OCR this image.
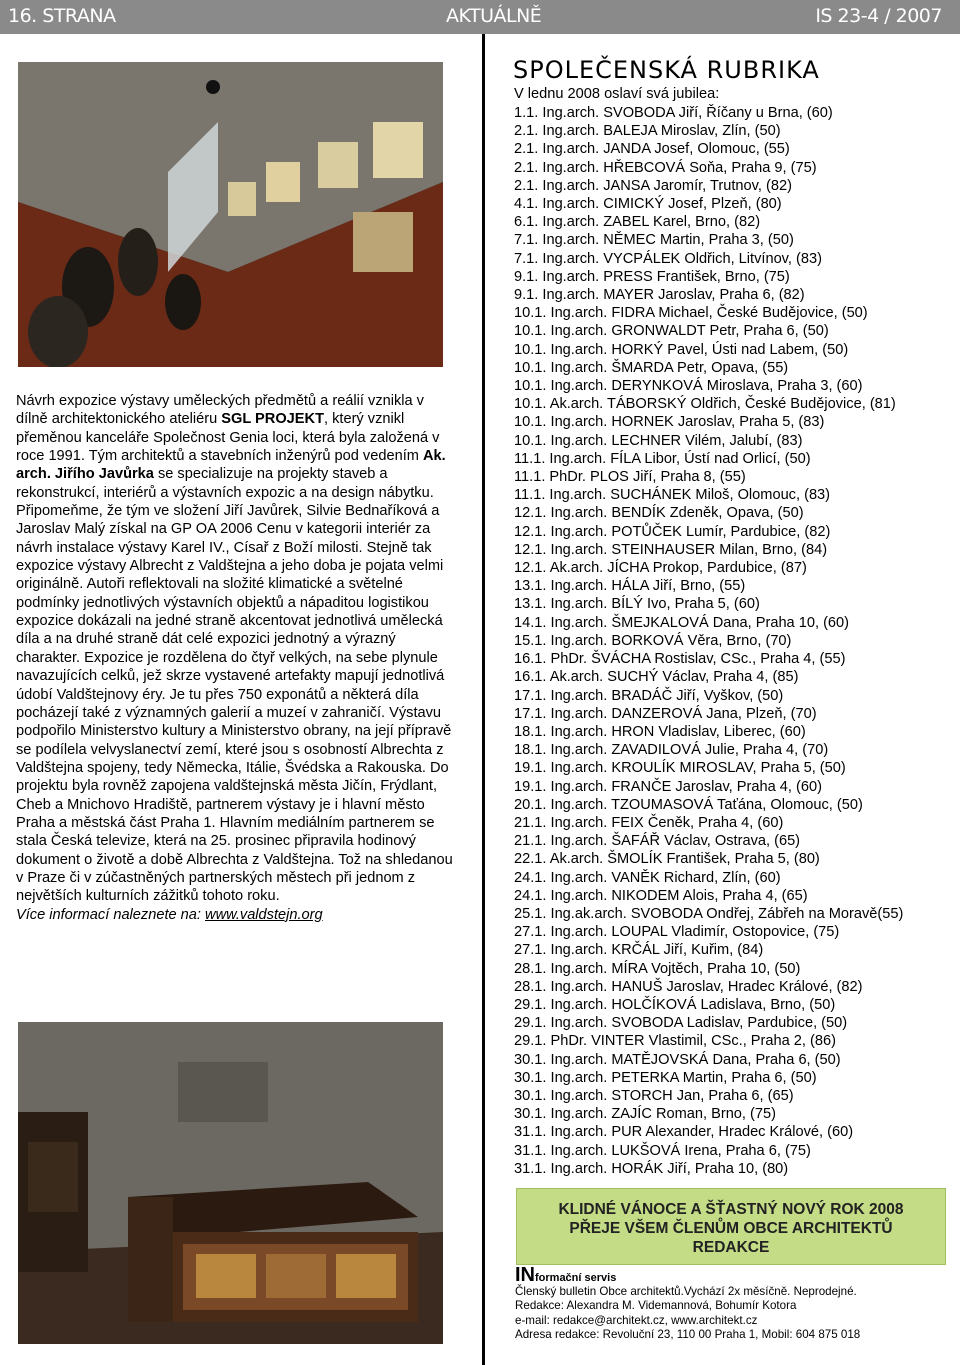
16. STRANA	AKTUÁLNĚ	IS 23-4 / 2007

Návrh expozice výstavy uměleckých předmětů a reálií vznikla v dílně architektonického ateliéru SGL PROJEKT, který vznikl přeměnou kanceláře Společnost Genia loci, která byla založená v roce 1991. Tým architektů a stavebních inženýrů pod vedením Ak. arch. Jiřího Javůrka se specializuje na projekty staveb a rekonstrukcí, interiérů a výstavních expozic a na design nábytku. Připomeňme, že tým ve složení Jiří Javůrek, Silvie Bednaříková a Jaroslav Malý získal na GP OA 2006 Cenu v kategorii interiér za návrh instalace výstavy Karel IV., Císař z Boží milosti. Stejně tak expozice výstavy Albrecht z Valdštejna a jeho doba je pojata velmi originálně. Autoři reflektovali na složité klimatické a světelné podmínky jednotlivých výstavních objektů a nápaditou logistikou expozice dokázali na jedné straně akcentovat jednotlivá umělecká díla a na druhé straně dát celé expozici jednotný a výrazný charakter. Expozice je rozdělena do čtyř velkých, na sebe plynule navazujících celků, jež skrze vystavené artefakty mapují jednotlivá údobí Valdštejnovy éry. Je tu přes 750 exponátů a některá díla pocházejí také z významných galerií a muzeí v zahraničí. Výstavu podpořilo Ministerstvo kultury a Ministerstvo obrany, na její přípravě se podílela velvyslanectví zemí, které jsou s osobností Albrechta z Valdštejna spojeny, tedy Německa, Itálie, Švédska a Rakouska. Do projektu byla rovněž zapojena valdštejnská města Jičín, Frýdlant, Cheb a Mnichovo Hradiště, partnerem výstavy je i hlavní město Praha a městská část Praha 1. Hlavním mediálním partnerem se stala Česká televize, která na 25. prosinec připravila hodinový dokument o životě a době Albrechta z Valdštejna. Tož na shledanou v Praze či v zúčastněných partnerských městech při jednom z největších kulturních zážitků tohoto roku.

Více informací naleznete na: www.valdstejn.org

SPOLEČENSKÁ RUBRIKA
V lednu 2008 oslaví svá jubilea:
1.1. Ing.arch. SVOBODA Jiří, Říčany u Brna, (60)
2.1. Ing.arch. BALEJA Miroslav, Zlín, (50)
2.1. Ing.arch. JANDA Josef, Olomouc, (55)
2.1. Ing.arch. HŘEBCOVÁ Soňa, Praha 9, (75)
2.1. Ing.arch. JANSA Jaromír, Trutnov, (82)
4.1. Ing.arch. CIMICKÝ Josef, Plzeň, (80)
6.1. Ing.arch. ZABEL Karel, Brno, (82)
7.1. Ing.arch. NĚMEC Martin, Praha 3, (50)
7.1. Ing.arch. VYCPÁLEK Oldřich, Litvínov, (83)
9.1. Ing.arch. PRESS František, Brno, (75)
9.1. Ing.arch. MAYER Jaroslav, Praha 6, (82)
10.1. Ing.arch. FIDRA Michael, České Budějovice, (50)
10.1. Ing.arch. GRONWALDT Petr, Praha 6, (50)
10.1. Ing.arch. HORKÝ Pavel, Ústi nad Labem, (50)
10.1. Ing.arch. ŠMARDA Petr, Opava, (55)
10.1. Ing.arch. DERYNKOVÁ Miroslava, Praha 3, (60)
10.1. Ak.arch. TÁBORSKÝ Oldřich, České Budějovice, (81)
10.1. Ing.arch. HORNEK Jaroslav, Praha 5, (83)
10.1. Ing.arch. LECHNER Vilém, Jalubí, (83)
11.1. Ing.arch. FÍLA Libor, Ústí nad Orlicí, (50)
11.1. PhDr. PLOS Jiří, Praha 8, (55)
11.1. Ing.arch. SUCHÁNEK Miloš, Olomouc, (83)
12.1. Ing.arch. BENDÍK Zdeněk, Opava, (50)
12.1. Ing.arch. POTŮČEK Lumír, Pardubice, (82)
12.1. Ing.arch. STEINHAUSER Milan, Brno, (84)
12.1. Ak.arch. JÍCHA Prokop, Pardubice, (87)
13.1. Ing.arch. HÁLA Jiří, Brno, (55)
13.1. Ing.arch. BÍLÝ Ivo, Praha 5, (60)
14.1. Ing.arch. ŠMEJKALOVÁ Dana, Praha 10, (60)
15.1. Ing.arch. BORKOVÁ Věra, Brno, (70)
16.1. PhDr. ŠVÁCHA Rostislav, CSc., Praha 4, (55)
16.1. Ak.arch. SUCHÝ Václav, Praha 4, (85)
17.1. Ing.arch. BRADÁČ Jiří, Vyškov, (50)
17.1. Ing.arch. DANZEROVÁ Jana, Plzeň, (70)
18.1. Ing.arch. HRON Vladislav, Liberec, (60)
18.1. Ing.arch. ZAVADILOVÁ Julie, Praha 4, (70)
19.1. Ing.arch. KROULÍK MIROSLAV, Praha 5, (50)
19.1. Ing.arch. FRANČE Jaroslav, Praha 4, (60)
20.1. Ing.arch. TZOUMASOVÁ Taťána, Olomouc, (50)
21.1. Ing.arch. FEIX Čeněk, Praha 4, (60)
21.1. Ing.arch. ŠAFÁŘ Václav, Ostrava, (65)
22.1. Ak.arch. ŠMOLÍK František, Praha 5, (80)
24.1. Ing.arch. VANĚK Richard, Zlín, (60)
24.1. Ing.arch. NIKODEM Alois, Praha 4, (65)
25.1. Ing.ak.arch. SVOBODA Ondřej, Zábřeh na Moravě(55)
27.1. Ing.arch. LOUPAL Vladimír, Ostopovice, (75)
27.1. Ing.arch. KRČÁL Jiří, Kuřim, (84)
28.1. Ing.arch. MÍRA Vojtěch, Praha 10, (50)
28.1. Ing.arch. HANUŠ Jaroslav, Hradec Králové, (82)
29.1. Ing.arch. HOLČÍKOVÁ Ladislava, Brno, (50)
29.1. Ing.arch. SVOBODA Ladislav, Pardubice, (50)
29.1. PhDr. VINTER Vlastimil, CSc., Praha 2, (86)
30.1. Ing.arch. MATĚJOVSKÁ Dana, Praha 6, (50)
30.1. Ing.arch. PETERKA Martin, Praha 6, (50)
30.1. Ing.arch. STORCH Jan, Praha 6, (65)
30.1. Ing.arch. ZAJÍC Roman, Brno, (75)
31.1. Ing.arch. PUR Alexander, Hradec Králové, (60)
31.1. Ing.arch. LUKŠOVÁ Irena, Praha 6, (75)
31.1. Ing.arch. HORÁK Jiří, Praha 10, (80)
KLIDNÉ VÁNOCE A ŠŤASTNÝ NOVÝ ROK 2008
PŘEJE VŠEM ČLENŮM OBCE ARCHITEKTŮ
REDAKCE
INformační servis

Členský bulletin Obce architektů.Vychází 2x měsíčně. Neprodejné.

Redakce: Alexandra M. Videmannová, Bohumír Kotora

e-mail: redakce@architekt.cz, www.architekt.cz

Adresa redakce: Revoluční 23, 110 00 Praha 1, Mobil: 604 875 018
